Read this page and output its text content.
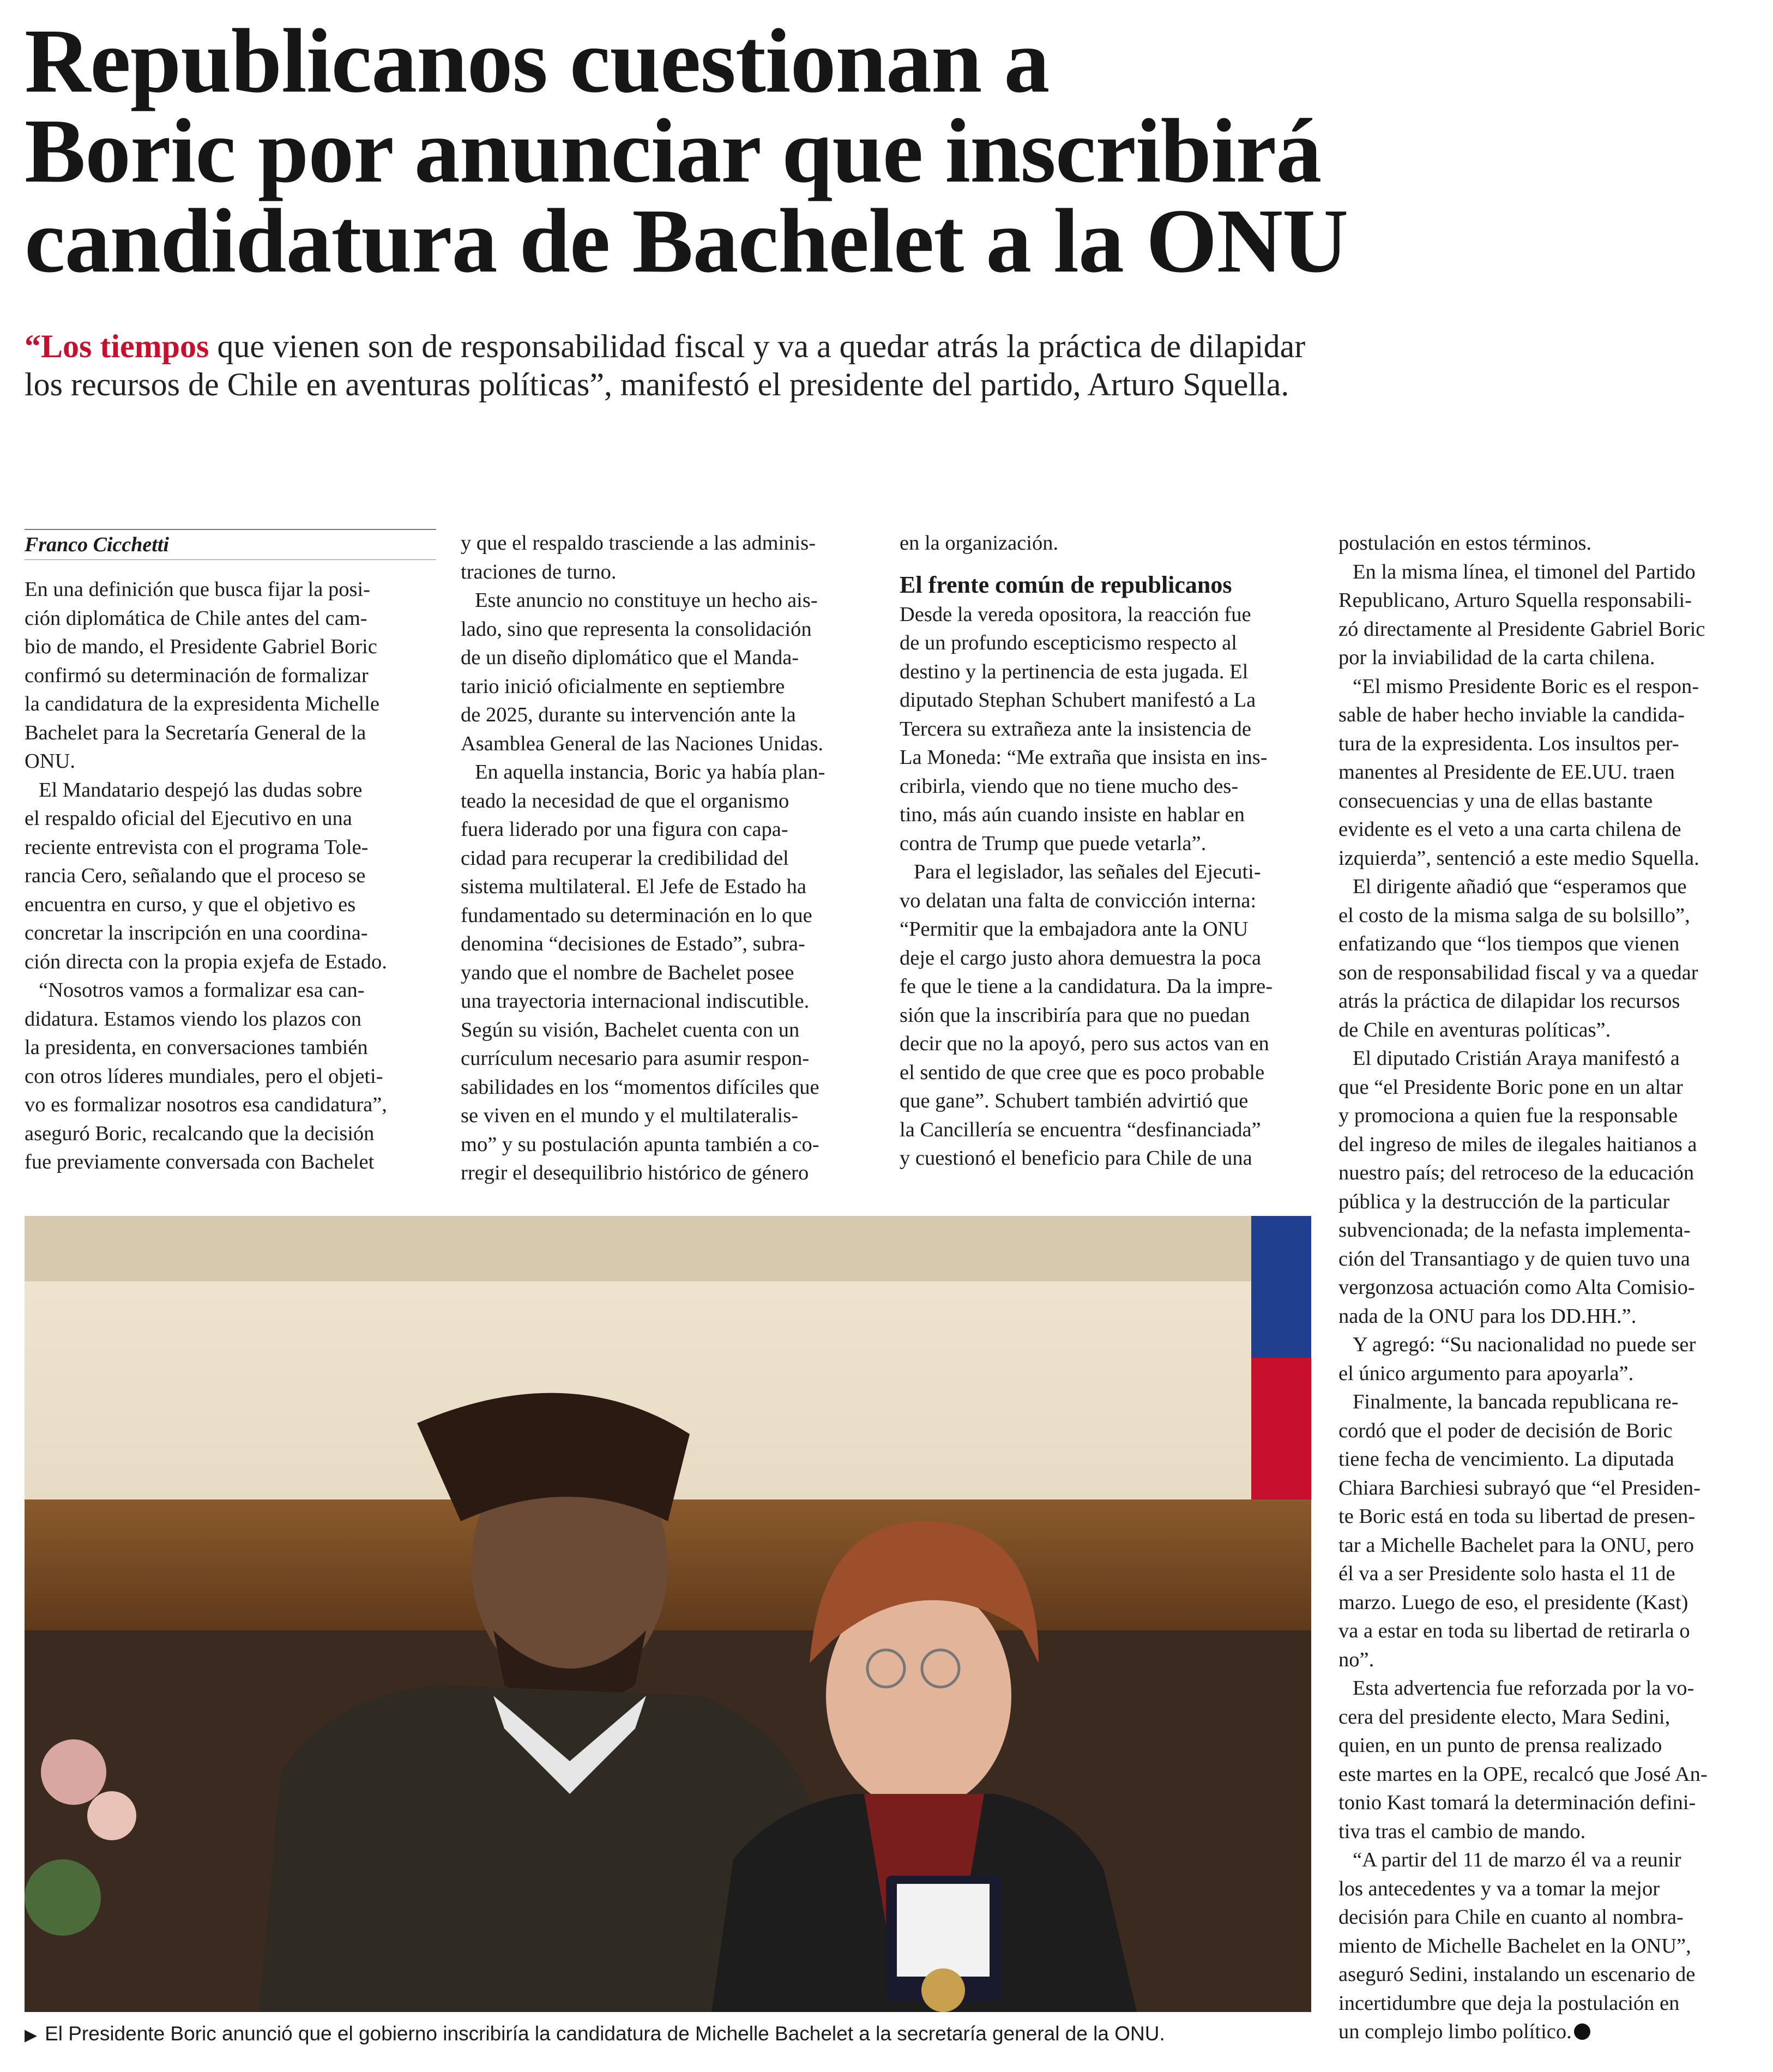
Republicanos cuestionan a
Boric por anunciar que inscribirá
candidatura de Bachelet a la ONU
“Los tiempos que vienen son de responsabilidad fiscal y va a quedar atrás la práctica de dilapidar
los recursos de Chile en aventuras políticas”, manifestó el presidente del partido, Arturo Squella.
Franco Cicchetti
En una definición que busca fijar la posi-
ción diplomática de Chile antes del cam-
bio de mando, el Presidente Gabriel Boric
confirmó su determinación de formalizar
la candidatura de la expresidenta Michelle
Bachelet para la Secretaría General de la
ONU.
El Mandatario despejó las dudas sobre
el respaldo oficial del Ejecutivo en una
reciente entrevista con el programa Tole-
rancia Cero, señalando que el proceso se
encuentra en curso, y que el objetivo es
concretar la inscripción en una coordina-
ción directa con la propia exjefa de Estado.
“Nosotros vamos a formalizar esa can-
didatura. Estamos viendo los plazos con
la presidenta, en conversaciones también
con otros líderes mundiales, pero el objeti-
vo es formalizar nosotros esa candidatura”,
aseguró Boric, recalcando que la decisión
fue previamente conversada con Bachelet
y que el respaldo trasciende a las adminis-
traciones de turno.
Este anuncio no constituye un hecho ais-
lado, sino que representa la consolidación
de un diseño diplomático que el Manda-
tario inició oficialmente en septiembre
de 2025, durante su intervención ante la
Asamblea General de las Naciones Unidas.
En aquella instancia, Boric ya había plan-
teado la necesidad de que el organismo
fuera liderado por una figura con capa-
cidad para recuperar la credibilidad del
sistema multilateral. El Jefe de Estado ha
fundamentado su determinación en lo que
denomina “decisiones de Estado”, subra-
yando que el nombre de Bachelet posee
una trayectoria internacional indiscutible.
Según su visión, Bachelet cuenta con un
currículum necesario para asumir respon-
sabilidades en los “momentos difíciles que
se viven en el mundo y el multilateralis-
mo” y su postulación apunta también a co-
rregir el desequilibrio histórico de género
en la organización.
El frente común de republicanos
Desde la vereda opositora, la reacción fue
de un profundo escepticismo respecto al
destino y la pertinencia de esta jugada. El
diputado Stephan Schubert manifestó a La
Tercera su extrañeza ante la insistencia de
La Moneda: “Me extraña que insista en ins-
cribirla, viendo que no tiene mucho des-
tino, más aún cuando insiste en hablar en
contra de Trump que puede vetarla”.
Para el legislador, las señales del Ejecuti-
vo delatan una falta de convicción interna:
“Permitir que la embajadora ante la ONU
deje el cargo justo ahora demuestra la poca
fe que le tiene a la candidatura. Da la impre-
sión que la inscribiría para que no puedan
decir que no la apoyó, pero sus actos van en
el sentido de que cree que es poco probable
que gane”. Schubert también advirtió que
la Cancillería se encuentra “desfinanciada”
y cuestionó el beneficio para Chile de una
postulación en estos términos.
En la misma línea, el timonel del Partido
Republicano, Arturo Squella responsabili-
zó directamente al Presidente Gabriel Boric
por la inviabilidad de la carta chilena.
“El mismo Presidente Boric es el respon-
sable de haber hecho inviable la candida-
tura de la expresidenta. Los insultos per-
manentes al Presidente de EE.UU. traen
consecuencias y una de ellas bastante
evidente es el veto a una carta chilena de
izquierda”, sentenció a este medio Squella.
El dirigente añadió que “esperamos que
el costo de la misma salga de su bolsillo”,
enfatizando que “los tiempos que vienen
son de responsabilidad fiscal y va a quedar
atrás la práctica de dilapidar los recursos
de Chile en aventuras políticas”.
El diputado Cristián Araya manifestó a
que “el Presidente Boric pone en un altar
y promociona a quien fue la responsable
del ingreso de miles de ilegales haitianos a
nuestro país; del retroceso de la educación
pública y la destrucción de la particular
subvencionada; de la nefasta implementa-
ción del Transantiago y de quien tuvo una
vergonzosa actuación como Alta Comisio-
nada de la ONU para los DD.HH.”.
Y agregó: “Su nacionalidad no puede ser
el único argumento para apoyarla”.
Finalmente, la bancada republicana re-
cordó que el poder de decisión de Boric
tiene fecha de vencimiento. La diputada
Chiara Barchiesi subrayó que “el Presiden-
te Boric está en toda su libertad de presen-
tar a Michelle Bachelet para la ONU, pero
él va a ser Presidente solo hasta el 11 de
marzo. Luego de eso, el presidente (Kast)
va a estar en toda su libertad de retirarla o
no”.
Esta advertencia fue reforzada por la vo-
cera del presidente electo, Mara Sedini,
quien, en un punto de prensa realizado
este martes en la OPE, recalcó que José An-
tonio Kast tomará la determinación defini-
tiva tras el cambio de mando.
“A partir del 11 de marzo él va a reunir
los antecedentes y va a tomar la mejor
decisión para Chile en cuanto al nombra-
miento de Michelle Bachelet en la ONU”,
aseguró Sedini, instalando un escenario de
incertidumbre que deja la postulación en
un complejo limbo político.
▶ El Presidente Boric anunció que el gobierno inscribiría la candidatura de Michelle Bachelet a la secretaría general de la ONU.
